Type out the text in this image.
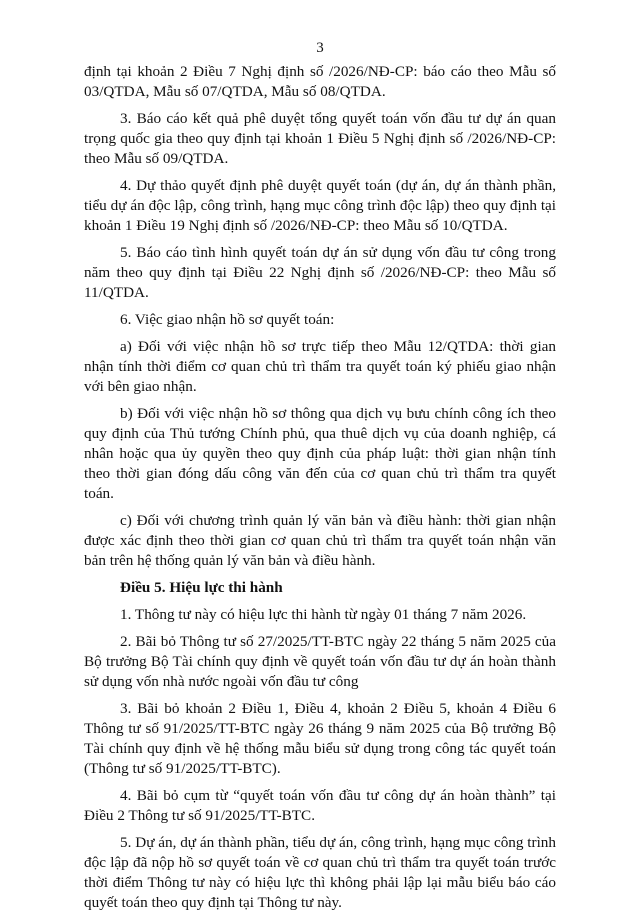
3

định tại khoản 2 Điều 7 Nghị định số /2026/NĐ-CP: báo cáo theo Mẫu số 03/QTDA, Mẫu số 07/QTDA, Mẫu số 08/QTDA.

3. Báo cáo kết quả phê duyệt tổng quyết toán vốn đầu tư dự án quan trọng quốc gia theo quy định tại khoản 1 Điều 5 Nghị định số /2026/NĐ-CP: theo Mẫu số 09/QTDA.

4. Dự thảo quyết định phê duyệt quyết toán (dự án, dự án thành phần, tiểu dự án độc lập, công trình, hạng mục công trình độc lập) theo quy định tại khoản 1 Điều 19 Nghị định số /2026/NĐ-CP: theo Mẫu số 10/QTDA.

5. Báo cáo tình hình quyết toán dự án sử dụng vốn đầu tư công trong năm theo quy định tại Điều 22 Nghị định số /2026/NĐ-CP: theo Mẫu số 11/QTDA.

6. Việc giao nhận hồ sơ quyết toán:

a) Đối với việc nhận hồ sơ trực tiếp theo Mẫu 12/QTDA: thời gian nhận tính thời điểm cơ quan chủ trì thẩm tra quyết toán ký phiếu giao nhận với bên giao nhận.

b) Đối với việc nhận hồ sơ thông qua dịch vụ bưu chính công ích theo quy định của Thủ tướng Chính phủ, qua thuê dịch vụ của doanh nghiệp, cá nhân hoặc qua ủy quyền theo quy định của pháp luật: thời gian nhận tính theo thời gian đóng dấu công văn đến của cơ quan chủ trì thẩm tra quyết toán.

c) Đối với chương trình quản lý văn bản và điều hành: thời gian nhận được xác định theo thời gian cơ quan chủ trì thẩm tra quyết toán nhận văn bản trên hệ thống quản lý văn bản và điều hành.

Điều 5. Hiệu lực thi hành

1. Thông tư này có hiệu lực thi hành từ ngày 01 tháng 7 năm 2026.

2. Bãi bỏ Thông tư số 27/2025/TT-BTC ngày 22 tháng 5 năm 2025 của Bộ trưởng Bộ Tài chính quy định về quyết toán vốn đầu tư dự án hoàn thành sử dụng vốn nhà nước ngoài vốn đầu tư công

3. Bãi bỏ khoản 2 Điều 1, Điều 4, khoản 2 Điều 5, khoản 4 Điều 6 Thông tư số 91/2025/TT-BTC ngày 26 tháng 9 năm 2025 của Bộ trưởng Bộ Tài chính quy định về hệ thống mẫu biểu sử dụng trong công tác quyết toán (Thông tư số 91/2025/TT-BTC).

4. Bãi bỏ cụm từ “quyết toán vốn đầu tư công dự án hoàn thành” tại Điều 2 Thông tư số 91/2025/TT-BTC.

5. Dự án, dự án thành phần, tiểu dự án, công trình, hạng mục công trình độc lập đã nộp hồ sơ quyết toán về cơ quan chủ trì thẩm tra quyết toán trước thời điểm Thông tư này có hiệu lực thì không phải lập lại mẫu biểu báo cáo quyết toán theo quy định tại Thông tư này.
